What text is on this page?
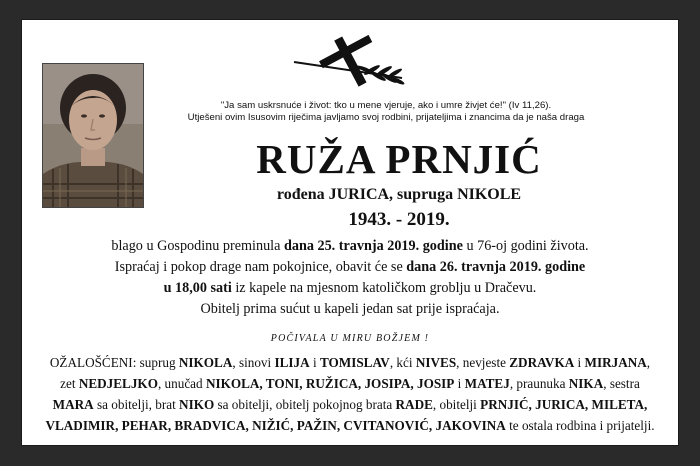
"Ja sam uskrsnuće i život: tko u mene vjeruje, ako i umre živjet će!" (Iv 11,26).
Utješeni ovim Isusovim riječima javljamo svoj rodbini, prijateljima i znancima da je naša draga
RUŽA PRNJIĆ
rođena JURICA, supruga NIKOLE
1943. - 2019.

blago u Gospodinu preminula dana 25. travnja 2019. godine u 76-oj godini života.

Ispraćaj i pokop drage nam pokojnice, obavit će se dana 26. travnja 2019. godine

u 18,00 sati iz kapele na mjesnom katoličkom groblju u Dračevu.

Obitelj prima sućut u kapeli jedan sat prije ispraćaja.

POČIVALA U MIRU BOŽJEM !

OŽALOŠĆENI: suprug NIKOLA, sinovi ILIJA i TOMISLAV, kći NIVES, nevjeste ZDRAVKA i MIRJANA,

zet NEDJELJKO, unučad NIKOLA, TONI, RUŽICA, JOSIPA, JOSIP i MATEJ, praunuka NIKA, sestra

MARA sa obitelji, brat NIKO sa obitelji, obitelj pokojnog brata RADE, obitelji PRNJIĆ, JURICA, MILETA,

VLADIMIR, PEHAR, BRADVICA, NIŽIĆ, PAŽIN, CVITANOVIĆ, JAKOVINA te ostala rodbina i prijatelji.
